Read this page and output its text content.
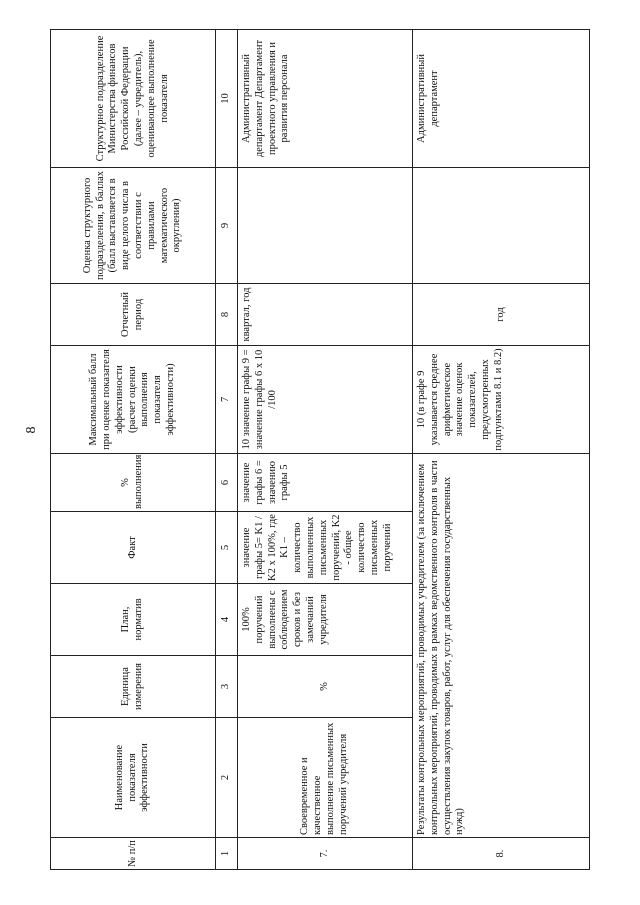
8
№ п/п	Наименование показателя эффективности	Единица измерения	План, норматив	Факт	% выполнения	Максимальный балл при оценке показателя эффективности (расчет оценки выполнения показателя эффективности)	Отчетный период	Оценка структурного подразделения, в баллах (балл выставляется в виде целого числа в соответствии с правилами математического округления)	Структурное подразделение Министерства финансов Российской Федерации (далее – учредитель), оценивающее выполнение показателя
1	2	3	4	5	6	7	8	9	10
7.	Своевременное и качественное выполнение письменных поручений учредителя	%	100% поручений выполнены с соблюдением сроков и без замечаний учредителя	значение графы 5= K1 / K2 x 100%, где K1 – количество выполненных письменных поручений, K2 - общее количество письменных поручений	значение графы 6 = значению графы 5	10 значение графы 9 = значение графы 6 x 10 /100	квартал, год		Административный департамент Департамент проектного управления и развития персонала
8.	Результаты контрольных мероприятий, проводимых учредителем (за исключением контрольных мероприятий, проводимых в рамках ведомственного контроля в части осуществления закупок товаров, работ, услуг для обеспечения государственных нужд)					10 (в графе 9 указывается среднее арифметическое значение оценок показателей, предусмотренных подпунктами 8.1 и 8.2)	год		Административный департамент
